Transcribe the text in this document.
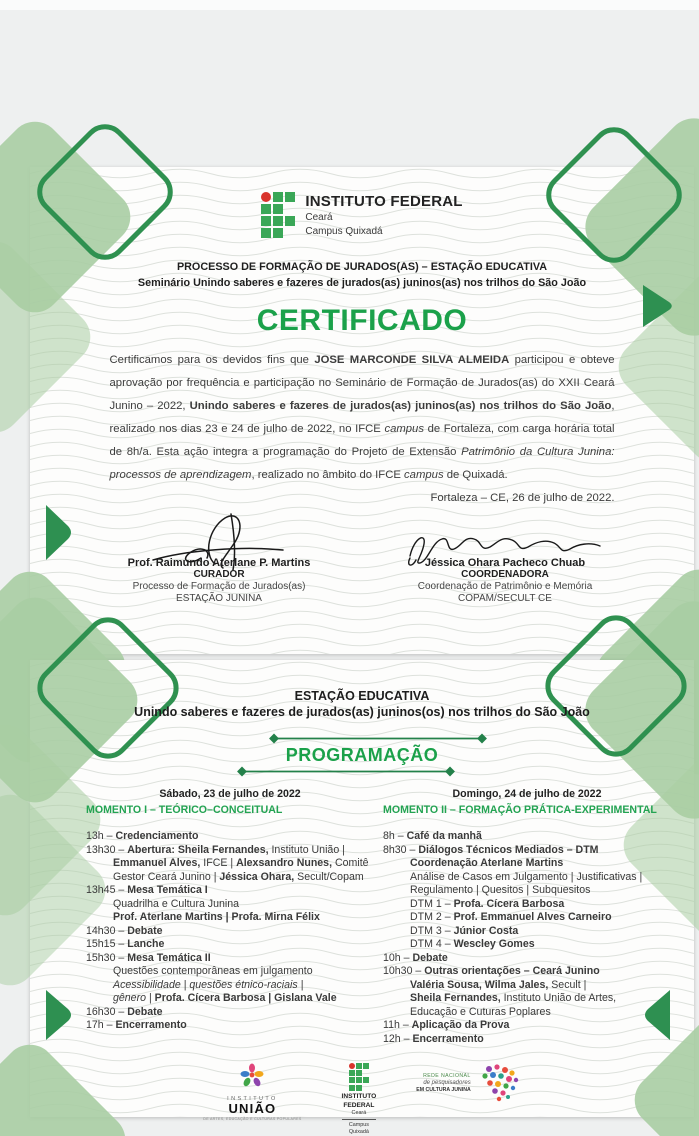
INSTITUTO FEDERAL
Ceará
Campus Quixadá
PROCESSO DE FORMAÇÃO DE JURADOS(AS) – ESTAÇÃO EDUCATIVA
Seminário Unindo saberes e fazeres de jurados(as) juninos(as) nos trilhos do São João
CERTIFICADO
Certificamos para os devidos fins que JOSE MARCONDE SILVA ALMEIDA participou e obteve aprovação por frequência e participação no Seminário de Formação de Jurados(as) do XXII Ceará Junino – 2022, Unindo saberes e fazeres de jurados(as) juninos(as) nos trilhos do São João, realizado nos dias 23 e 24 de julho de 2022, no IFCE campus de Fortaleza, com carga horária total de 8h/a. Esta ação integra a programação do Projeto de Extensão Patrimônio da Cultura Junina: processos de aprendizagem, realizado no âmbito do IFCE campus de Quixadá.
Fortaleza – CE, 26 de julho de 2022.
Prof. Raimundo Aterlane P. Martins
CURADOR
Processo de Formação de Jurados(as)
ESTAÇÃO JUNINA
Jéssica Ohara Pacheco Chuab
COORDENADORA
Coordenação de Patrimônio e Memória
COPAM/SECULT CE
ESTAÇÃO EDUCATIVA
Unindo saberes e fazeres de jurados(as) juninos(os) nos trilhos do São João
PROGRAMAÇÃO
Sábado, 23 de julho de 2022
MOMENTO I – TEÓRICO–CONCEITUAL
13h – Credenciamento
13h30 – Abertura: Sheila Fernandes, Instituto União |
Emmanuel Alves, IFCE | Alexsandro Nunes, Comitê
Gestor Ceará Junino | Jéssica Ohara, Secult/Copam
13h45 – Mesa Temática I
Quadrilha e Cultura Junina
Prof. Aterlane Martins | Profa. Mirna Félix
14h30 – Debate
15h15 – Lanche
15h30 – Mesa Temática II
Questões contemporâneas em julgamento
Acessibilidade | questões étnico-raciais |
gênero | Profa. Cícera Barbosa | Gislana Vale
16h30 – Debate
17h – Encerramento
Domingo, 24 de julho de 2022
MOMENTO II – FORMAÇÃO PRÁTICA-EXPERIMENTAL
8h – Café da manhã
8h30 – Diálogos Técnicos Mediados – DTM
Coordenação Aterlane Martins
Análise de Casos em Julgamento | Justificativas |
Regulamento | Quesitos | Subquesitos
DTM 1 – Profa. Cícera Barbosa
DTM 2 – Prof. Emmanuel Alves Carneiro
DTM 3 – Júnior Costa
DTM 4 – Wescley Gomes
10h – Debate
10h30 – Outras orientações – Ceará Junino
Valéria Sousa, Wilma Jales, Secult |
Sheila Fernandes, Instituto União de Artes,
Educação e Cuturas Poplares
11h – Aplicação da Prova
12h – Encerramento
INSTITUTO
UNIÃO
DE ARTES, EDUCAÇÃO E CULTURAS POPULARES
INSTITUTO
FEDERAL
Ceará
Campus
Quixadá
REDE NACIONAL
de pesquisadores
EM CULTURA JUNINA
